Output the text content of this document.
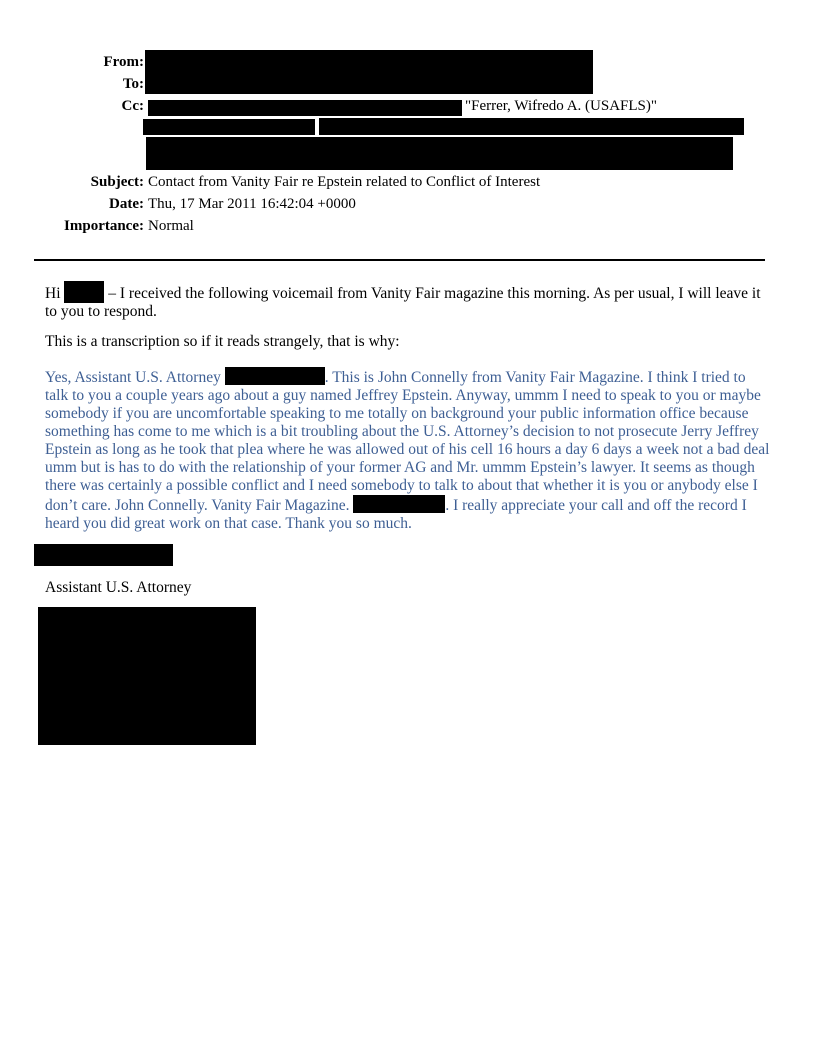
From:
To:
Cc:	"Ferrer, Wifredo A. (USAFLS)"
Subject: Contact from Vanity Fair re Epstein related to Conflict of Interest
Date: Thu, 17 Mar 2011 16:42:04 +0000
Importance: Normal
Hi	– I received the following voicemail from Vanity Fair magazine this morning. As per usual, I will leave it to you to respond.
This is a transcription so if it reads strangely, that is why:
Yes, Assistant U.S. Attorney	. This is John Connelly from Vanity Fair Magazine. I think I tried to talk to you a couple years ago about a guy named Jeffrey Epstein. Anyway, ummm I need to speak to you or maybe somebody if you are uncomfortable speaking to me totally on background your public information office because something has come to me which is a bit troubling about the U.S. Attorney’s decision to not prosecute Jerry Jeffrey Epstein as long as he took that plea where he was allowed out of his cell 16 hours a day 6 days a week not a bad deal umm but is has to do with the relationship of your former AG and Mr. ummm Epstein’s lawyer. It seems as though there was certainly a possible conflict and I need somebody to talk to about that whether it is you or anybody else I don’t care. John Connelly. Vanity Fair Magazine.	. I really appreciate your call and off the record I heard you did great work on that case. Thank you so much.
Assistant U.S. Attorney
